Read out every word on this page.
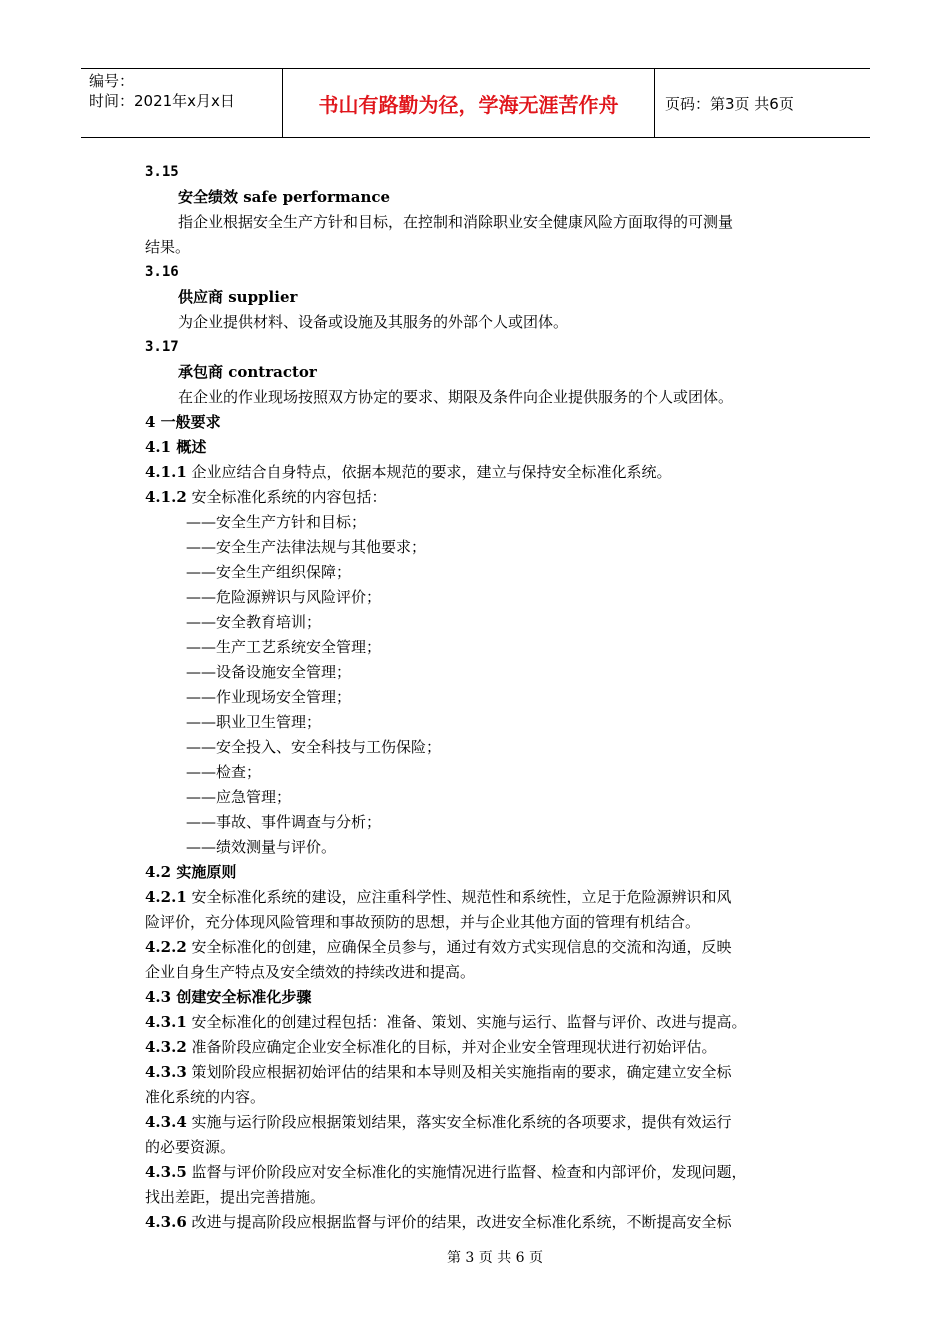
编号：
时间：2021年x月x日	书山有路勤为径，学海无涯苦作舟	页码：第3页 共6页
3.15
安全绩效 safe performance
指企业根据安全生产方针和目标，在控制和消除职业安全健康风险方面取得的可测量
结果。
3.16
供应商 supplier
为企业提供材料、设备或设施及其服务的外部个人或团体。
3.17
承包商 contractor
在企业的作业现场按照双方协定的要求、期限及条件向企业提供服务的个人或团体。
4 一般要求
4.1 概述
4.1.1 企业应结合自身特点，依据本规范的要求，建立与保持安全标准化系统。
4.1.2 安全标准化系统的内容包括：
——安全生产方针和目标；
——安全生产法律法规与其他要求；
——安全生产组织保障；
——危险源辨识与风险评价；
——安全教育培训；
——生产工艺系统安全管理；
——设备设施安全管理；
——作业现场安全管理；
——职业卫生管理；
——安全投入、安全科技与工伤保险；
——检查；
——应急管理；
——事故、事件调查与分析；
——绩效测量与评价。
4.2 实施原则
4.2.1 安全标准化系统的建设，应注重科学性、规范性和系统性，立足于危险源辨识和风
险评价，充分体现风险管理和事故预防的思想，并与企业其他方面的管理有机结合。
4.2.2 安全标准化的创建，应确保全员参与，通过有效方式实现信息的交流和沟通，反映
企业自身生产特点及安全绩效的持续改进和提高。
4.3 创建安全标准化步骤
4.3.1 安全标准化的创建过程包括：准备、策划、实施与运行、监督与评价、改进与提高。
4.3.2 准备阶段应确定企业安全标准化的目标，并对企业安全管理现状进行初始评估。
4.3.3 策划阶段应根据初始评估的结果和本导则及相关实施指南的要求，确定建立安全标
准化系统的内容。
4.3.4 实施与运行阶段应根据策划结果，落实安全标准化系统的各项要求，提供有效运行
的必要资源。
4.3.5 监督与评价阶段应对安全标准化的实施情况进行监督、检查和内部评价，发现问题，
找出差距，提出完善措施。
4.3.6 改进与提高阶段应根据监督与评价的结果，改进安全标准化系统，不断提高安全标
第 3 页 共 6 页
